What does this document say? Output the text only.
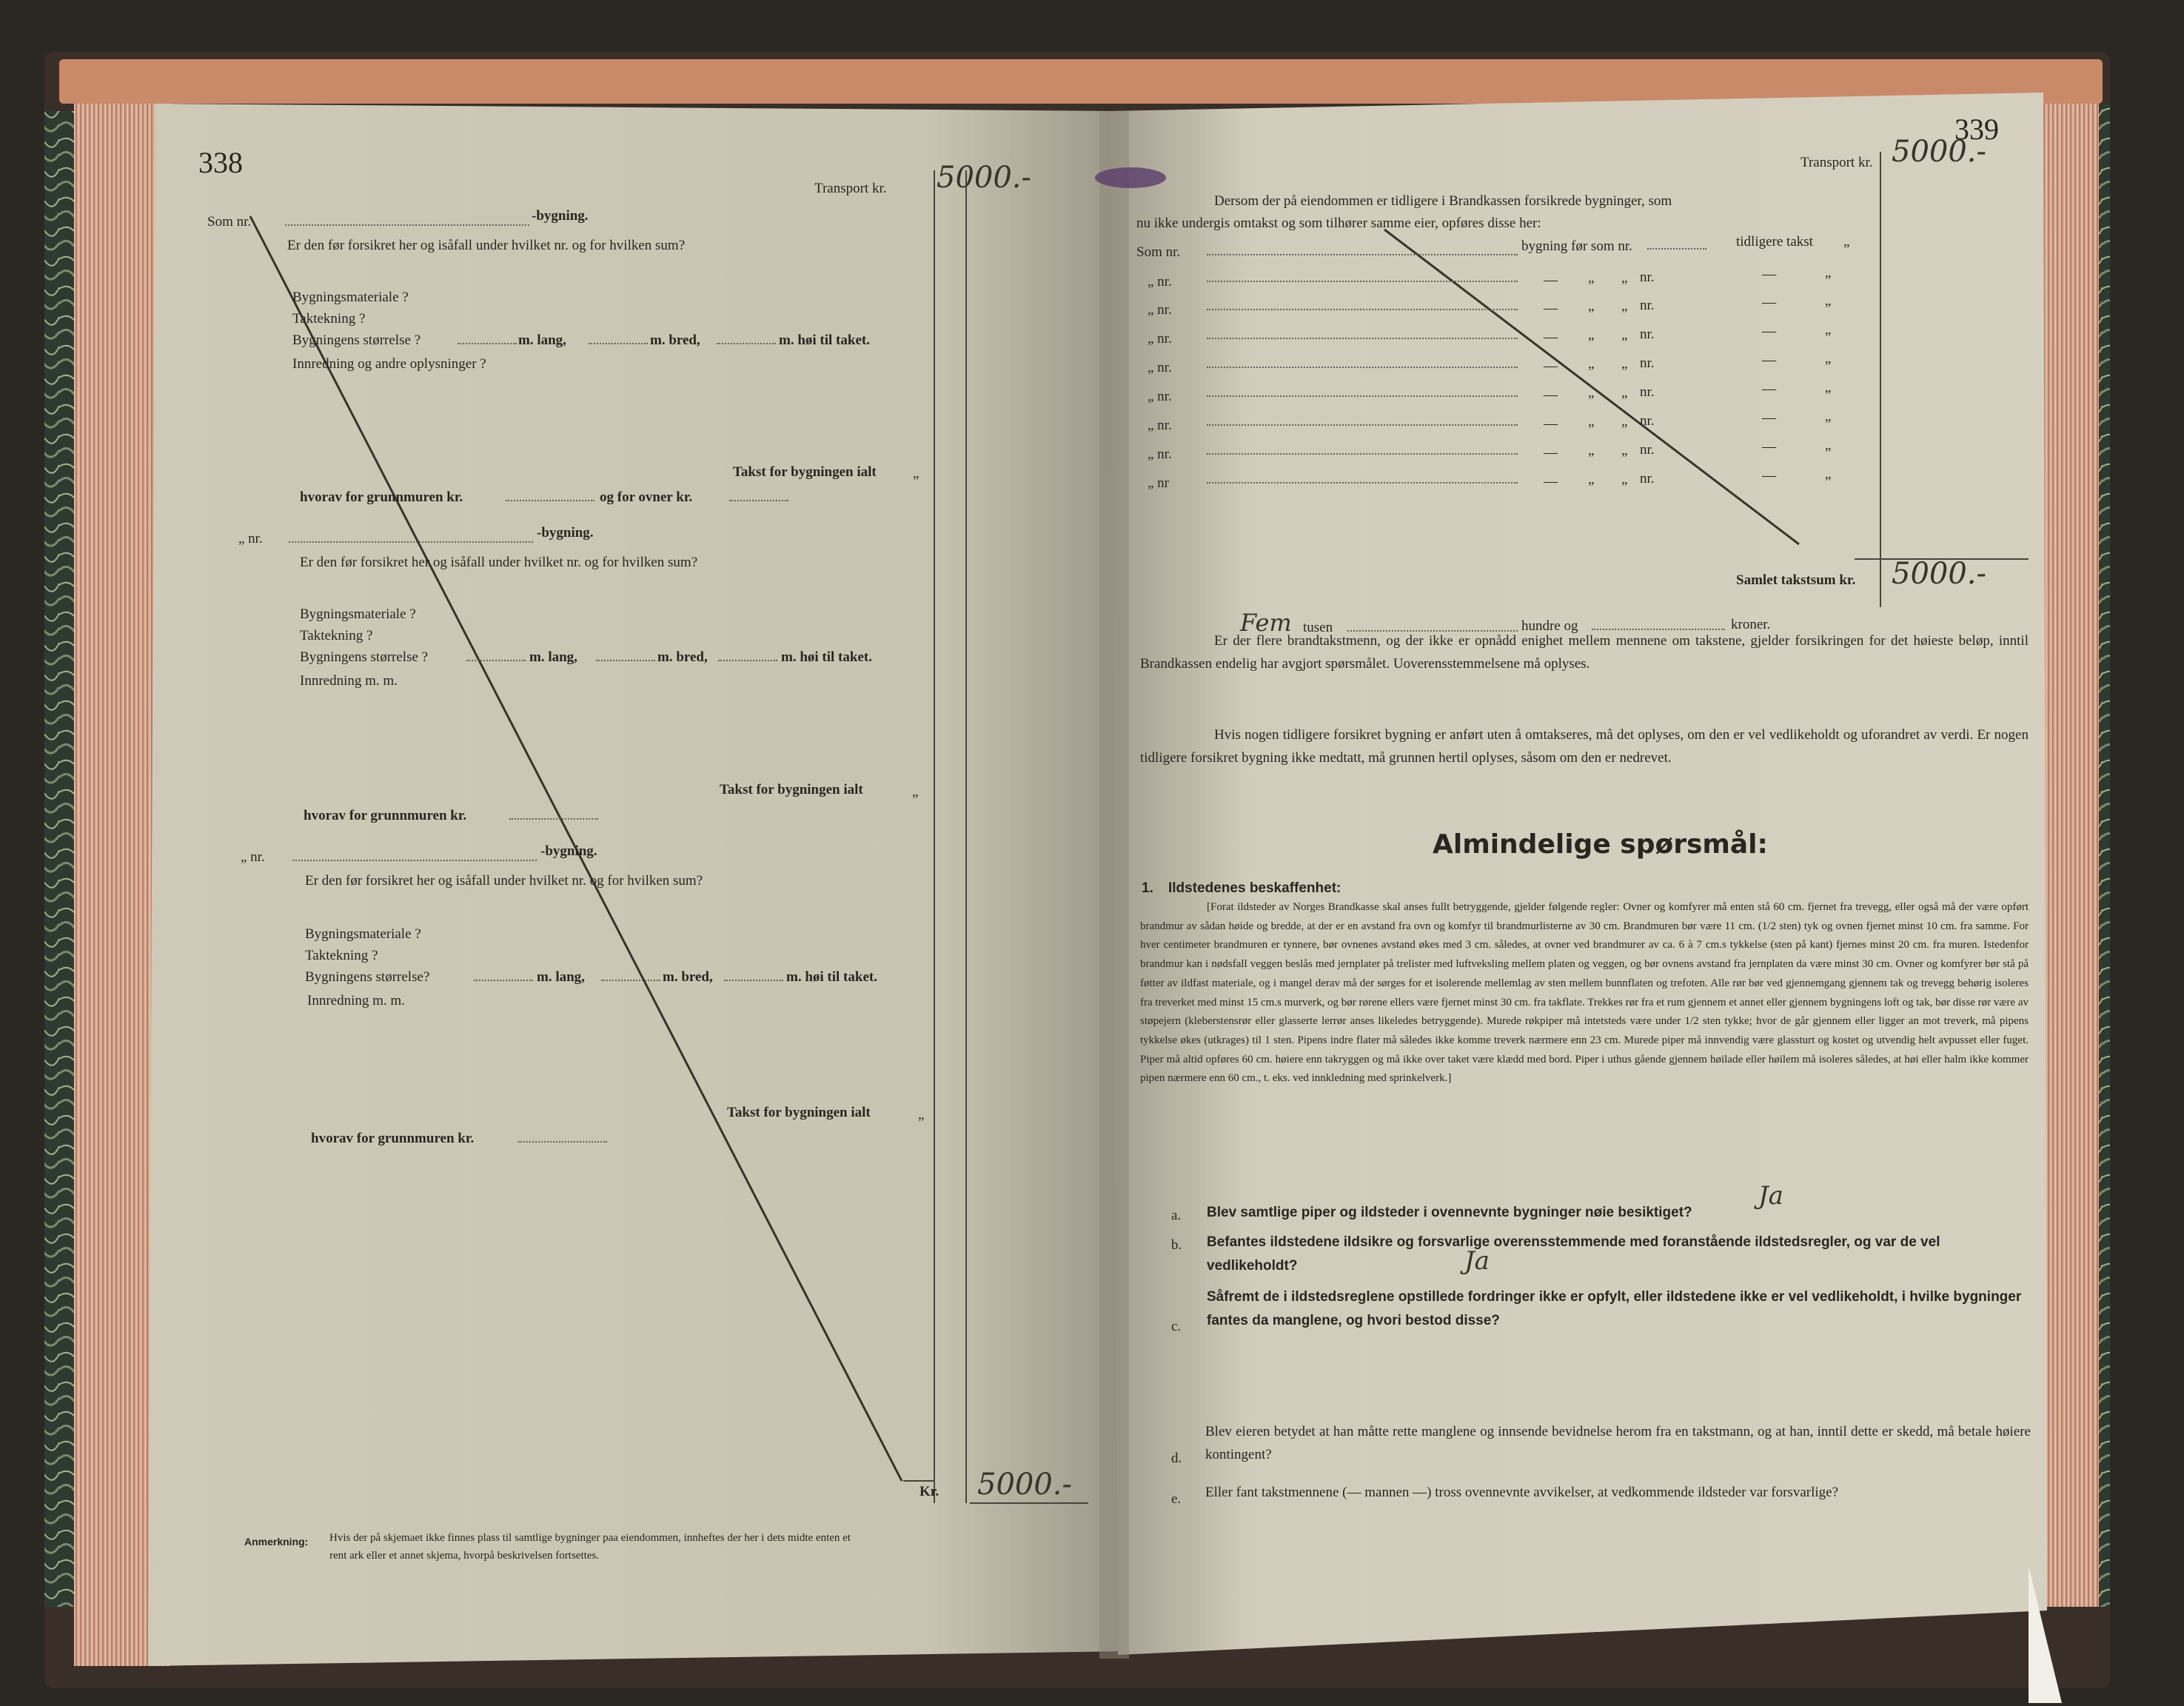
338
Transport kr. 5000.-
Som nr.	-bygning.
Er den før forsikret her og isåfall under hvilket nr. og for hvilken sum?
Bygningsmateriale ?
Taktekning ?
Bygningens størrelse ?	m. lang,	m. bred,	m. høi til taket.
Innredning og andre oplysninger ?
Takst for bygningen ialt	„
hvorav for grunnmuren kr.	og for ovner kr.
„ nr.	-bygning.
Er den før forsikret her og isåfall under hvilket nr. og for hvilken sum?
Bygningsmateriale ?
Taktekning ?
Bygningens størrelse ?	m. lang,	m. bred,	m. høi til taket.
Innredning m. m.
Takst for bygningen ialt	„
hvorav for grunnmuren kr.
„ nr.	-bygning.
Er den før forsikret her og isåfall under hvilket nr. og for hvilken sum?
Bygningsmateriale ?
Taktekning ?
Bygningens størrelse?	m. lang,	m. bred,	m. høi til taket.
Innredning m. m.
Takst for bygningen ialt	„
hvorav for grunnmuren kr.
Kr. 5000.-
Anmerkning: Hvis der på skjemaet ikke finnes plass til samtlige bygninger paa eiendommen, innheftes der her i dets midte enten et
rent ark eller et annet skjema, hvorpå beskrivelsen fortsettes.
339
Transport kr. 5000.-
Dersom der på eiendommen er tidligere i Brandkassen forsikrede bygninger, som
nu ikke undergis omtakst og som tilhører samme eier, opføres disse her:
Som nr.	bygning før som nr.	tidligere takst „
„ nr.	— „ „ nr.	—	„
„ nr.	— „ „ nr.	—	„
„ nr.	— „ „ nr.	—	„
„ nr.	— „ „ nr.	—	„
„ nr.	— „ „ nr.	—	„
„ nr.	— „ „ nr.	—	„
„ nr.	— „ „ nr.	—	„
„ nr	— „ „ nr.	—	„
Samlet takstsum kr. 5000.-
Fem tusen	hundre og	kroner.
Er der flere brandtakstmenn, og der ikke er opnådd enighet mellem mennene om takstene, gjelder forsikringen for det høieste beløp, inntil Brandkassen endelig har avgjort spørsmålet. Uoverensstemmelsene må oplyses.
Hvis nogen tidligere forsikret bygning er anført uten å omtakseres, må det oplyses, om den er vel vedlikeholdt og uforandret av verdi. Er nogen tidligere forsikret bygning ikke medtatt, må grunnen hertil oplyses, såsom om den er nedrevet.
Almindelige spørsmål:
1. Ildstedenes beskaffenhet:
[Forat ildsteder av Norges Brandkasse skal anses fullt betryggende, gjelder følgende regler: Ovner og komfyrer må enten stå 60 cm. fjernet fra trevegg, eller også må der være opført brandmur av sådan høide og bredde, at der er en avstand fra ovn og komfyr til brandmurlisterne av 30 cm. Brandmuren bør være 11 cm. (1/2 sten) tyk og ovnen fjernet minst 10 cm. fra samme. For hver centimeter brandmuren er tynnere, bør ovnenes avstand økes med 3 cm. således, at ovner ved brandmurer av ca. 6 à 7 cm.s tykkelse (sten på kant) fjernes minst 20 cm. fra muren. Istedenfor brandmur kan i nødsfall veggen beslås med jernplater på trelister med luftveksling mellem platen og veggen, og bør ovnens avstand fra jernplaten da være minst 30 cm. Ovner og komfyrer bør stå på føtter av ildfast materiale, og i mangel derav må der sørges for et isolerende mellemlag av sten mellem bunnflaten og trefoten. Alle rør bør ved gjennemgang gjennem tak og trevegg behørig isoleres fra treverket med minst 15 cm.s murverk, og bør rørene ellers være fjernet minst 30 cm. fra takflate. Trekkes rør fra et rum gjennem et annet eller gjennem bygningens loft og tak, bør disse rør være av støpejern (kleberstensrør eller glasserte lerrør anses likeledes betryggende). Murede røkpiper må intetsteds være under 1/2 sten tykke; hvor de går gjennem eller ligger an mot treverk, må pipens tykkelse økes (utkrages) til 1 sten. Pipens indre flater må således ikke komme treverk nærmere enn 23 cm. Murede piper må innvendig være glassturt og kostet og utvendig helt avpusset eller fuget. Piper må altid opføres 60 cm. høiere enn takryggen og må ikke over taket være klædd med bord. Piper i uthus gående gjennem høilade eller høilem må isoleres således, at høi eller halm ikke kommer pipen nærmere enn 60 cm., t. eks. ved innkledning med sprinkelverk.]
a. Blev samtlige piper og ildsteder i ovennevnte bygninger nøie besiktiget?
Ja
b. Befantes ildstedene ildsikre og forsvarlige overensstemmende med foranstående ildstedsregler, og var de vel vedlikeholdt?	Ja
c.
Såfremt de i ildstedsreglene opstillede fordringer ikke er opfylt, eller ildstedene ikke er vel vedlikeholdt, i hvilke bygninger fantes da manglene, og hvori bestod disse?
d.
Blev eieren betydet at han måtte rette manglene og innsende bevidnelse herom fra en takstmann, og at han, inntil dette er skedd, må betale høiere kontingent?
e. Eller fant takstmennene (— mannen —) tross ovennevnte avvikelser, at vedkommende ildsteder var forsvarlige?
